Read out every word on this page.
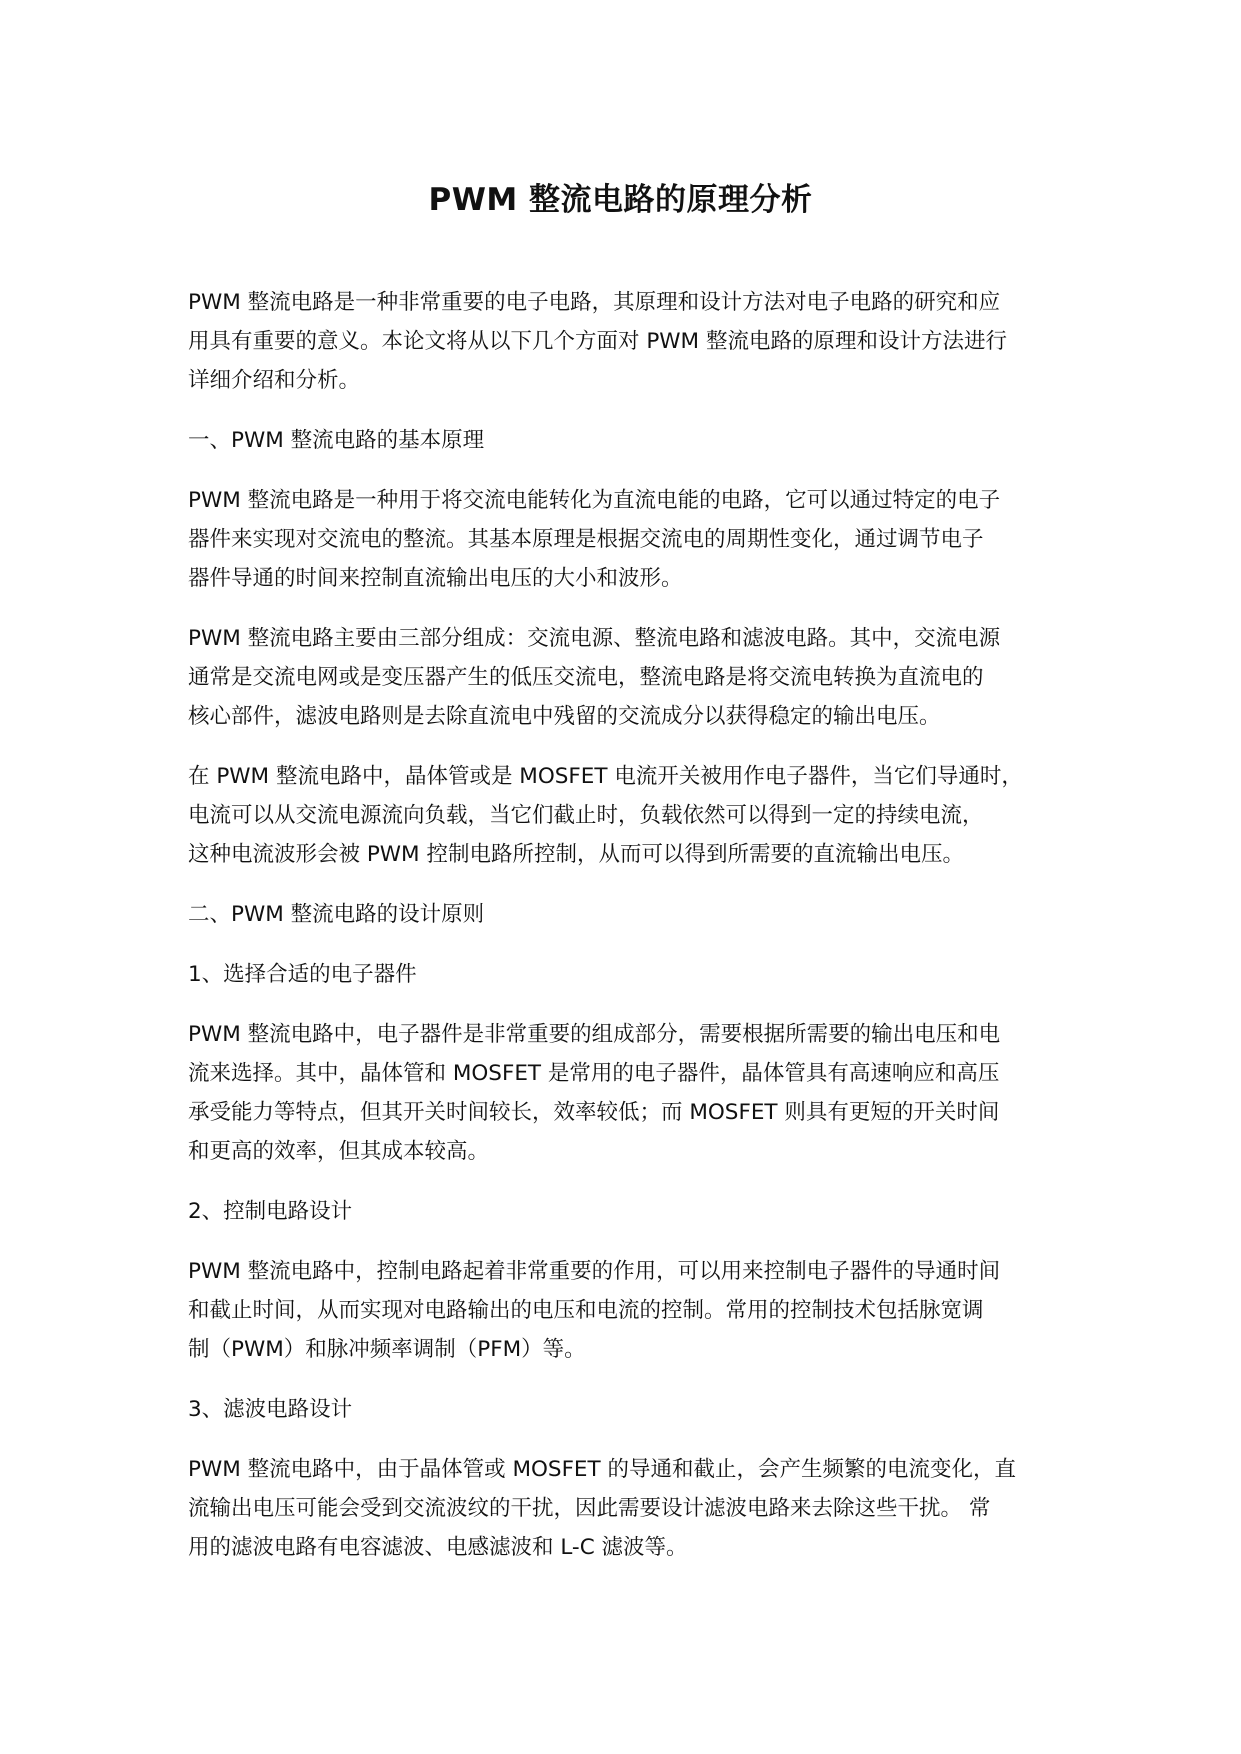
PWM 整流电路的原理分析
PWM 整流电路是一种非常重要的电子电路，其原理和设计方法对电子电路的研究和应
用具有重要的意义。本论文将从以下几个方面对 PWM 整流电路的原理和设计方法进行
详细介绍和分析。
一、PWM 整流电路的基本原理
PWM 整流电路是一种用于将交流电能转化为直流电能的电路，它可以通过特定的电子
器件来实现对交流电的整流。其基本原理是根据交流电的周期性变化，通过调节电子
器件导通的时间来控制直流输出电压的大小和波形。
PWM 整流电路主要由三部分组成：交流电源、整流电路和滤波电路。其中，交流电源
通常是交流电网或是变压器产生的低压交流电，整流电路是将交流电转换为直流电的
核心部件，滤波电路则是去除直流电中残留的交流成分以获得稳定的输出电压。
在 PWM 整流电路中，晶体管或是 MOSFET 电流开关被用作电子器件，当它们导通时，
电流可以从交流电源流向负载，当它们截止时，负载依然可以得到一定的持续电流，
这种电流波形会被 PWM 控制电路所控制，从而可以得到所需要的直流输出电压。
二、PWM 整流电路的设计原则
1、选择合适的电子器件
PWM 整流电路中，电子器件是非常重要的组成部分，需要根据所需要的输出电压和电
流来选择。其中，晶体管和 MOSFET 是常用的电子器件，晶体管具有高速响应和高压
承受能力等特点，但其开关时间较长，效率较低；而 MOSFET 则具有更短的开关时间
和更高的效率，但其成本较高。
2、控制电路设计
PWM 整流电路中，控制电路起着非常重要的作用，可以用来控制电子器件的导通时间
和截止时间，从而实现对电路输出的电压和电流的控制。常用的控制技术包括脉宽调
制（PWM）和脉冲频率调制（PFM）等。
3、滤波电路设计
PWM 整流电路中，由于晶体管或 MOSFET 的导通和截止，会产生频繁的电流变化，直
流输出电压可能会受到交流波纹的干扰，因此需要设计滤波电路来去除这些干扰。 常
用的滤波电路有电容滤波、电感滤波和 L-C 滤波等。
